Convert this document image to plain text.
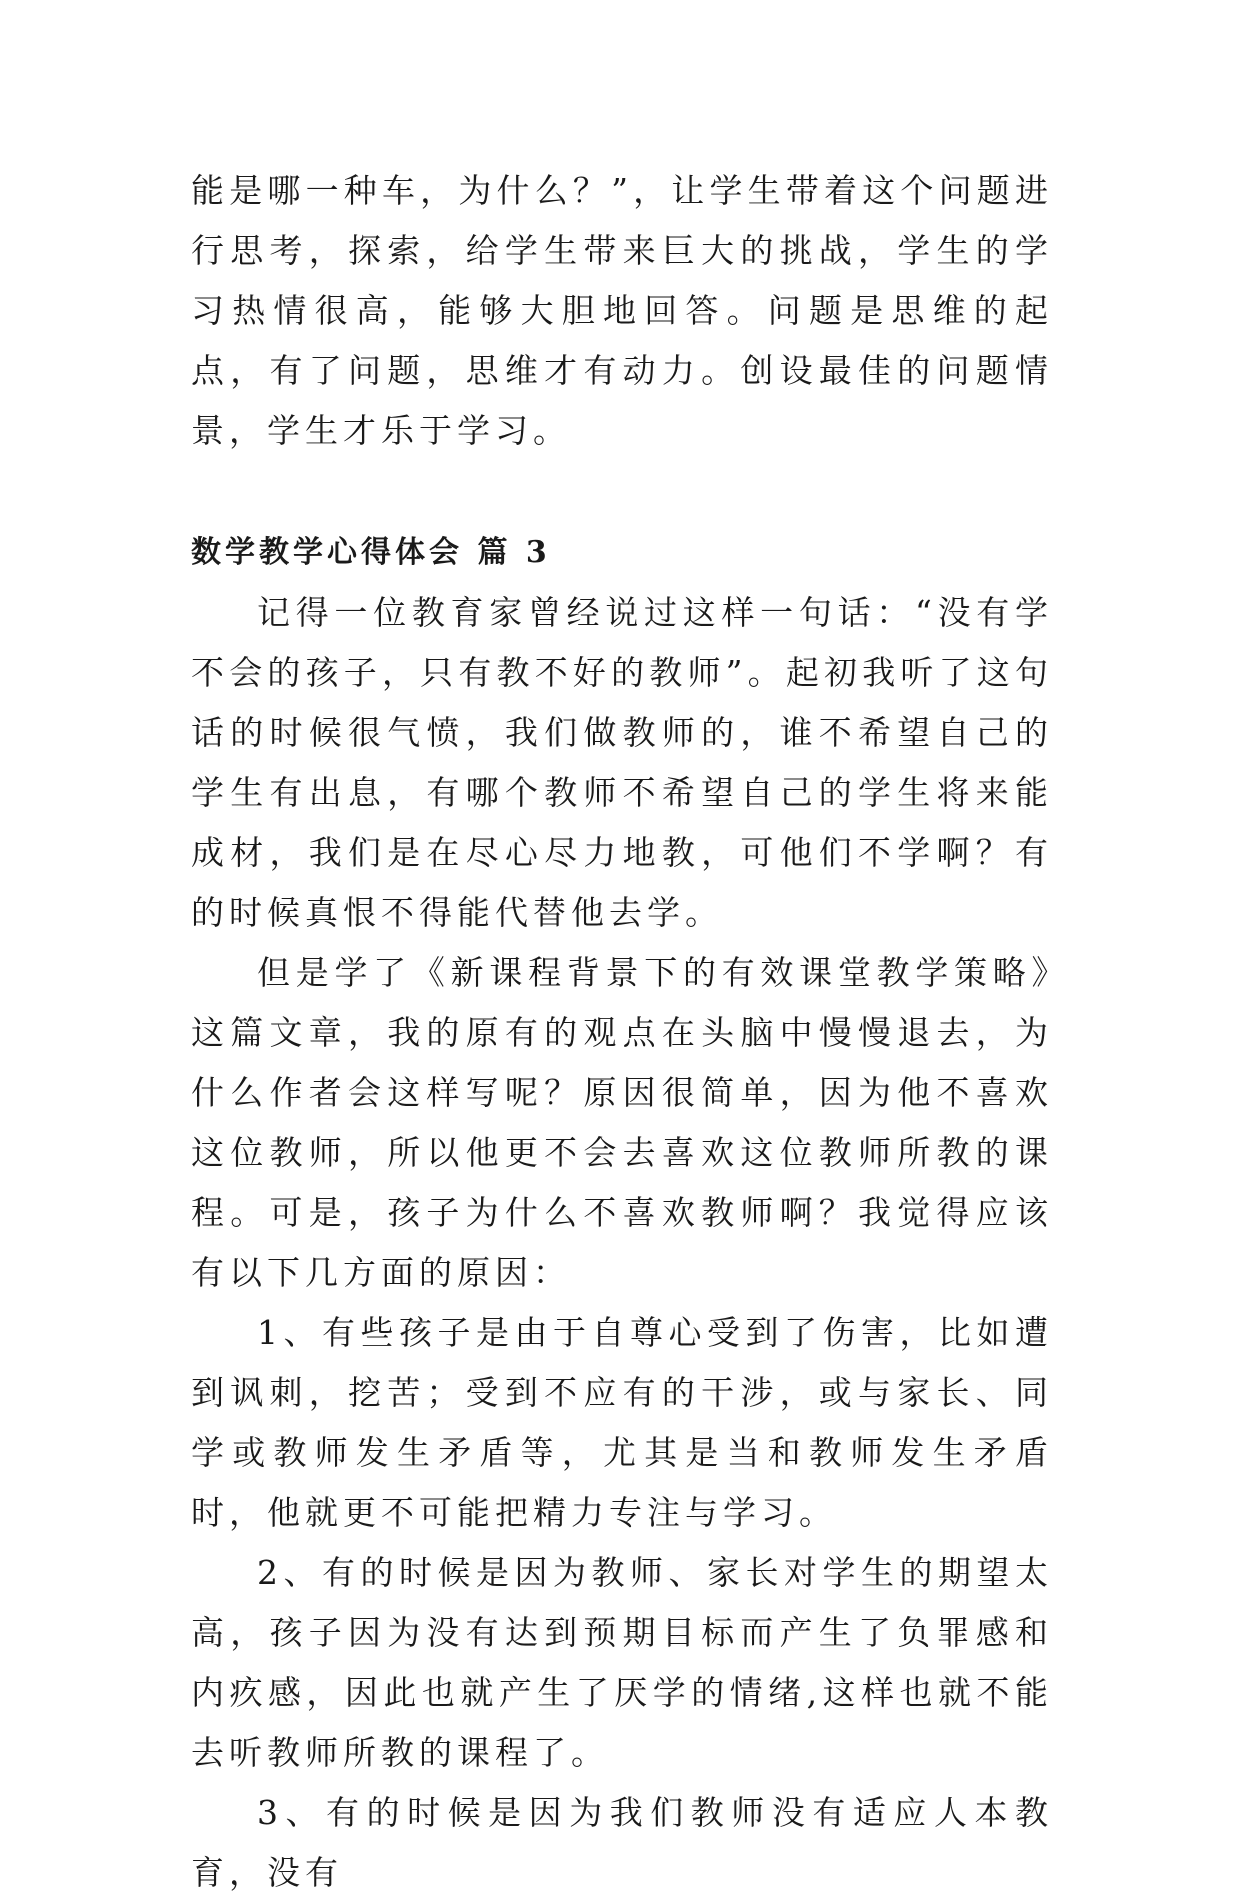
能是哪一种车，为什么？”，让学生带着这个问题进行思考，探索，给学生带来巨大的挑战，学生的学习热情很高，能够大胆地回答。问题是思维的起点，有了问题，思维才有动力。创设最佳的问题情景，学生才乐于学习。

数学教学心得体会 篇 3

记得一位教育家曾经说过这样一句话：“没有学不会的孩子，只有教不好的教师”。起初我听了这句话的时候很气愤，我们做教师的，谁不希望自己的学生有出息，有哪个教师不希望自己的学生将来能成材，我们是在尽心尽力地教，可他们不学啊？有的时候真恨不得能代替他去学。

但是学了《新课程背景下的有效课堂教学策略》这篇文章，我的原有的观点在头脑中慢慢退去，为什么作者会这样写呢？原因很简单，因为他不喜欢这位教师，所以他更不会去喜欢这位教师所教的课程。可是，孩子为什么不喜欢教师啊？我觉得应该有以下几方面的原因：

1、有些孩子是由于自尊心受到了伤害，比如遭到讽刺，挖苦；受到不应有的干涉，或与家长、同学或教师发生矛盾等，尤其是当和教师发生矛盾时，他就更不可能把精力专注与学习。

2、有的时候是因为教师、家长对学生的期望太高，孩子因为没有达到预期目标而产生了负罪感和内疚感，因此也就产生了厌学的情绪,这样也就不能去听教师所教的课程了。

3、有的时候是因为我们教师没有适应人本教育，没有
